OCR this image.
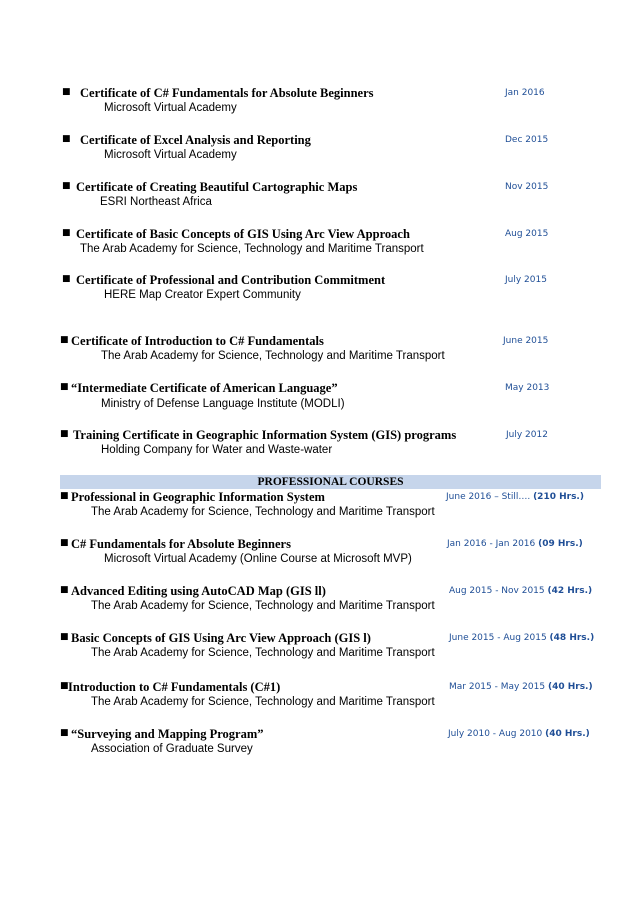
■ Certificate of C# Fundamentals for Absolute Beginners	Jan 2016
Microsoft Virtual Academy
■ Certificate of Excel Analysis and Reporting	Dec 2015
Microsoft Virtual Academy
■ Certificate of Creating Beautiful Cartographic Maps	Nov 2015
ESRI Northeast Africa
■ Certificate of Basic Concepts of GIS Using Arc View Approach	Aug 2015
The Arab Academy for Science, Technology and Maritime Transport
■ Certificate of Professional and Contribution Commitment	July 2015
HERE Map Creator Expert Community
■ Certificate of Introduction to C# Fundamentals	June 2015
The Arab Academy for Science, Technology and Maritime Transport
■ “Intermediate Certificate of American Language”	May 2013
Ministry of Defense Language Institute (MODLI)
■ Training Certificate in Geographic Information System (GIS) programs	July 2012
Holding Company for Water and Waste-water
PROFESSIONAL COURSES
■ Professional in Geographic Information System	June 2016 – Still…. (210 Hrs.)
The Arab Academy for Science, Technology and Maritime Transport
■ C# Fundamentals for Absolute Beginners	Jan 2016 - Jan 2016 (09 Hrs.)
Microsoft Virtual Academy (Online Course at Microsoft MVP)
■ Advanced Editing using AutoCAD Map (GIS ll)	Aug 2015 - Nov 2015 (42 Hrs.)
The Arab Academy for Science, Technology and Maritime Transport
■ Basic Concepts of GIS Using Arc View Approach (GIS l)	June 2015 - Aug 2015 (48 Hrs.)
The Arab Academy for Science, Technology and Maritime Transport
■ Introduction to C# Fundamentals (C#1)	Mar 2015 - May 2015 (40 Hrs.)
The Arab Academy for Science, Technology and Maritime Transport
■ “Surveying and Mapping Program”	July 2010 - Aug 2010 (40 Hrs.)
Association of Graduate Survey
